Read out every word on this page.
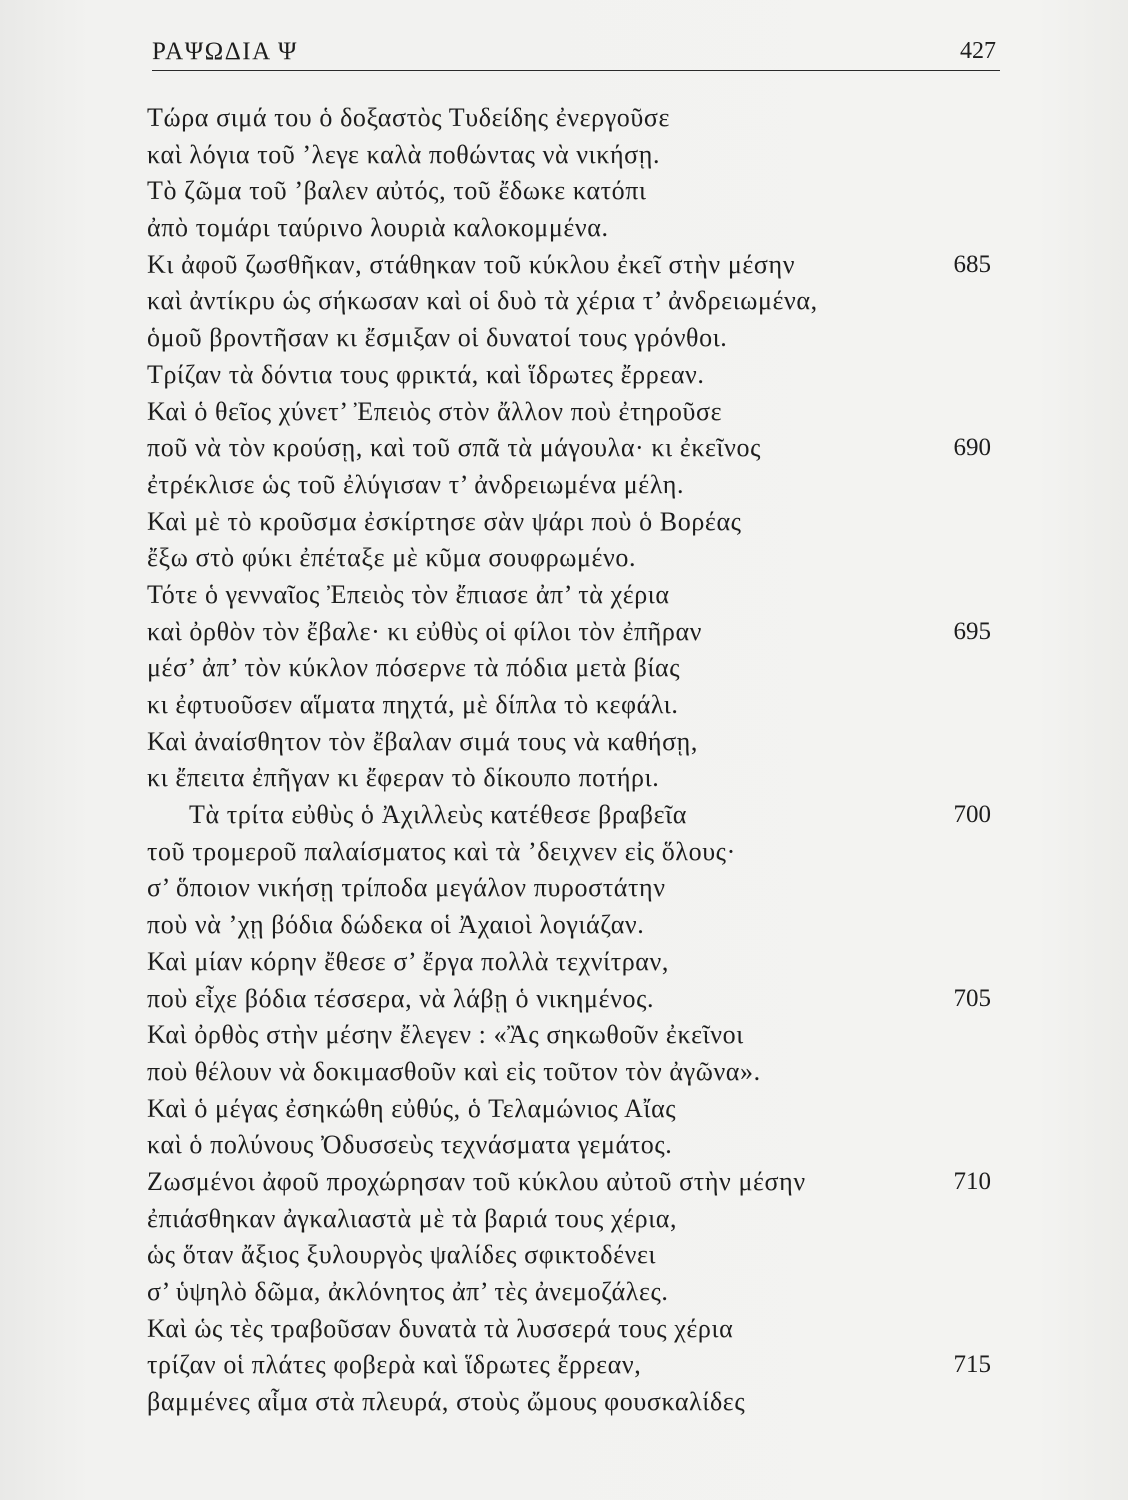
ΡΑΨΩΔΙΑ Ψ	427
Τώρα σιμά του ὁ δοξαστὸς Τυδείδης ἐνεργοῦσε
καὶ λόγια τοῦ ’λεγε καλὰ ποθώντας νὰ νικήσῃ.
Τὸ ζῶμα τοῦ ’βαλεν αὐτός, τοῦ ἔδωκε κατόπι
ἀπὸ τομάρι ταύρινο λουριὰ καλοκομμένα.
Κι ἀφοῦ ζωσθῆκαν, στάθηκαν τοῦ κύκλου ἐκεῖ στὴν μέσην	685
καὶ ἀντίκρυ ὡς σήκωσαν καὶ οἱ δυὸ τὰ χέρια τ’ ἀνδρειωμένα,
ὁμοῦ βροντῆσαν κι ἔσμιξαν οἱ δυνατοί τους γρόνθοι.
Τρίζαν τὰ δόντια τους φρικτά, καὶ ἵδρωτες ἔρρεαν.
Καὶ ὁ θεῖος χύνετ’ Ἐπειὸς στὸν ἄλλον ποὺ ἐτηροῦσε
ποῦ νὰ τὸν κρούσῃ, καὶ τοῦ σπᾶ τὰ μάγουλα· κι ἐκεῖνος	690
ἐτρέκλισε ὡς τοῦ ἐλύγισαν τ’ ἀνδρειωμένα μέλη.
Καὶ μὲ τὸ κροῦσμα ἐσκίρτησε σὰν ψάρι ποὺ ὁ Βορέας
ἔξω στὸ φύκι ἐπέταξε μὲ κῦμα σουφρωμένο.
Τότε ὁ γενναῖος Ἐπειὸς τὸν ἔπιασε ἀπ’ τὰ χέρια
καὶ ὀρθὸν τὸν ἔβαλε· κι εὐθὺς οἱ φίλοι τὸν ἐπῆραν	695
μέσ’ ἀπ’ τὸν κύκλον πόσερνε τὰ πόδια μετὰ βίας
κι ἐφτυοῦσεν αἵματα πηχτά, μὲ δίπλα τὸ κεφάλι.
Καὶ ἀναίσθητον τὸν ἔβαλαν σιμά τους νὰ καθήσῃ,
κι ἔπειτα ἐπῆγαν κι ἔφεραν τὸ δίκουπο ποτήρι.
Τὰ τρίτα εὐθὺς ὁ Ἀχιλλεὺς κατέθεσε βραβεῖα	700
τοῦ τρομεροῦ παλαίσματος καὶ τὰ ’δειχνεν εἰς ὅλους·
σ’ ὅποιον νικήσῃ τρίποδα μεγάλον πυροστάτην
ποὺ νὰ ’χῃ βόδια δώδεκα οἱ Ἀχαιοὶ λογιάζαν.
Καὶ μίαν κόρην ἔθεσε σ’ ἔργα πολλὰ τεχνίτραν,
ποὺ εἶχε βόδια τέσσερα, νὰ λάβῃ ὁ νικημένος.	705
Καὶ ὀρθὸς στὴν μέσην ἔλεγεν : «Ἂς σηκωθοῦν ἐκεῖνοι
ποὺ θέλουν νὰ δοκιμασθοῦν καὶ εἰς τοῦτον τὸν ἀγῶνα».
Καὶ ὁ μέγας ἐσηκώθη εὐθύς, ὁ Τελαμώνιος Αἴας
καὶ ὁ πολύνους Ὀδυσσεὺς τεχνάσματα γεμάτος.
Ζωσμένοι ἀφοῦ προχώρησαν τοῦ κύκλου αὐτοῦ στὴν μέσην	710
ἐπιάσθηκαν ἀγκαλιαστὰ μὲ τὰ βαριά τους χέρια,
ὡς ὅταν ἄξιος ξυλουργὸς ψαλίδες σφικτοδένει
σ’ ὑψηλὸ δῶμα, ἀκλόνητος ἀπ’ τὲς ἀνεμοζάλες.
Καὶ ὡς τὲς τραβοῦσαν δυνατὰ τὰ λυσσερά τους χέρια
τρίζαν οἱ πλάτες φοβερὰ καὶ ἵδρωτες ἔρρεαν,	715
βαμμένες αἷμα στὰ πλευρά, στοὺς ὤμους φουσκαλίδες
